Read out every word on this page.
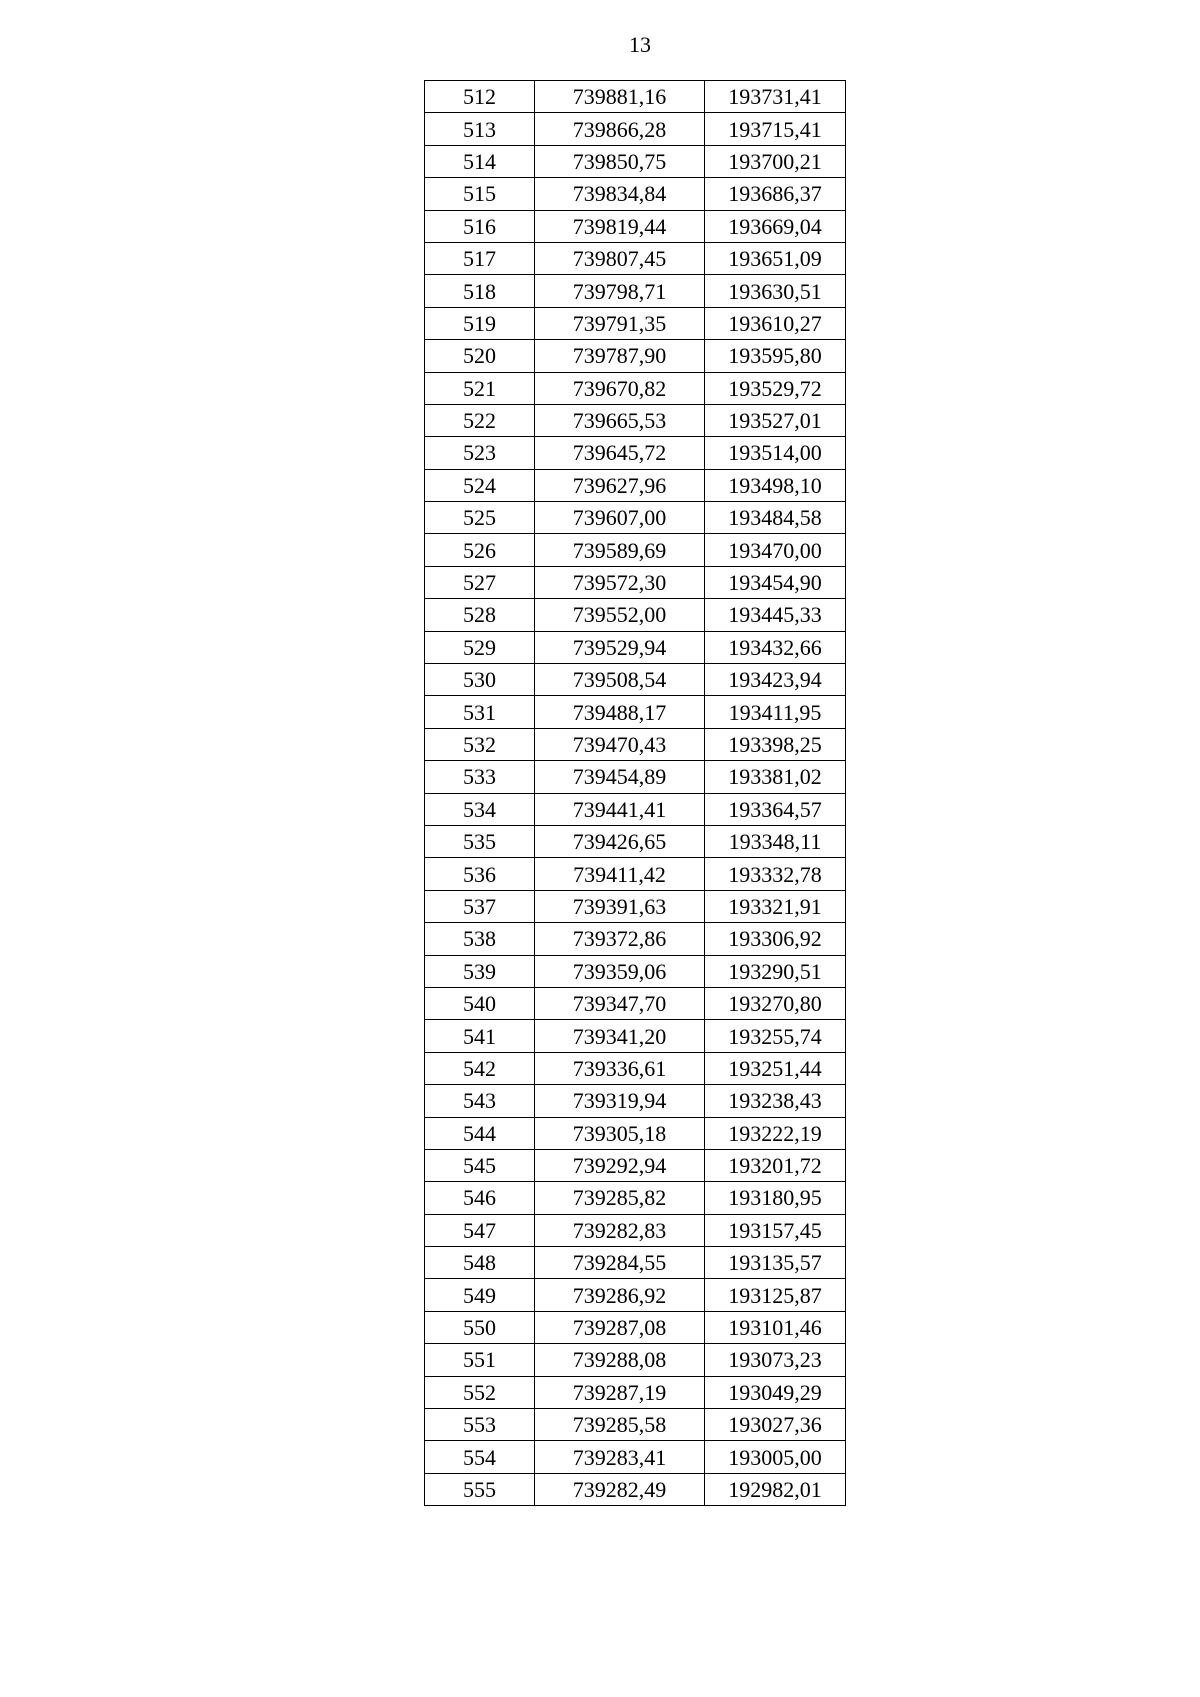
13
512	739881,16	193731,41
513	739866,28	193715,41
514	739850,75	193700,21
515	739834,84	193686,37
516	739819,44	193669,04
517	739807,45	193651,09
518	739798,71	193630,51
519	739791,35	193610,27
520	739787,90	193595,80
521	739670,82	193529,72
522	739665,53	193527,01
523	739645,72	193514,00
524	739627,96	193498,10
525	739607,00	193484,58
526	739589,69	193470,00
527	739572,30	193454,90
528	739552,00	193445,33
529	739529,94	193432,66
530	739508,54	193423,94
531	739488,17	193411,95
532	739470,43	193398,25
533	739454,89	193381,02
534	739441,41	193364,57
535	739426,65	193348,11
536	739411,42	193332,78
537	739391,63	193321,91
538	739372,86	193306,92
539	739359,06	193290,51
540	739347,70	193270,80
541	739341,20	193255,74
542	739336,61	193251,44
543	739319,94	193238,43
544	739305,18	193222,19
545	739292,94	193201,72
546	739285,82	193180,95
547	739282,83	193157,45
548	739284,55	193135,57
549	739286,92	193125,87
550	739287,08	193101,46
551	739288,08	193073,23
552	739287,19	193049,29
553	739285,58	193027,36
554	739283,41	193005,00
555	739282,49	192982,01
